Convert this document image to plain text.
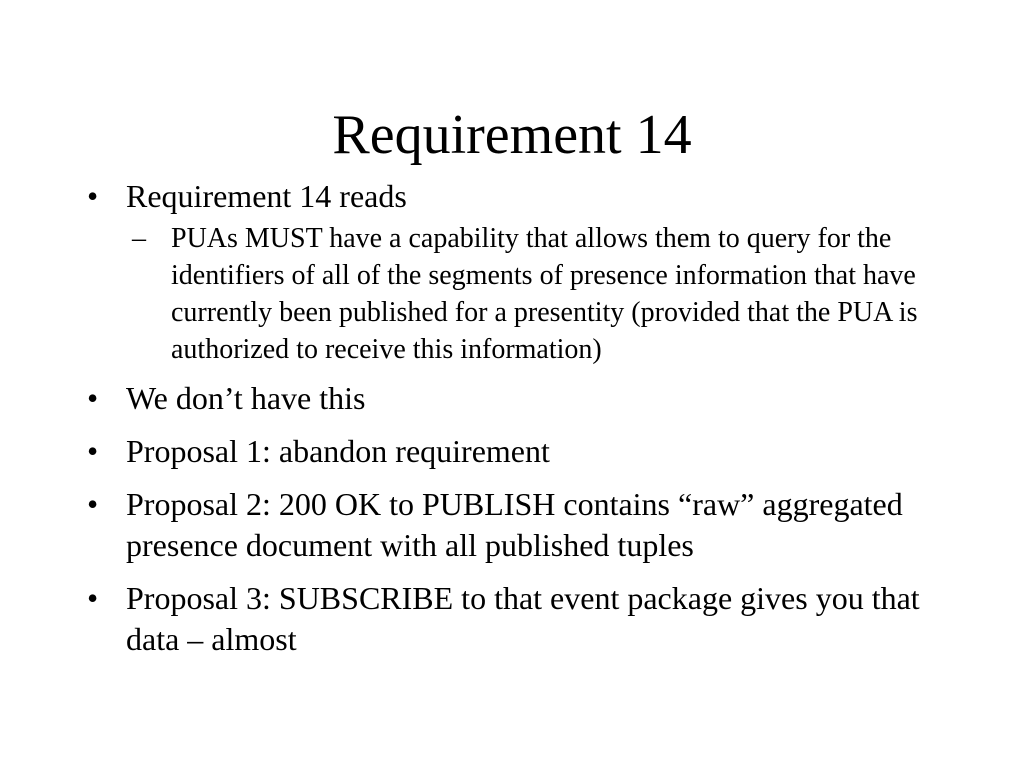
Requirement 14
• Requirement 14 reads
– PUAs MUST have a capability that allows them to query for the identifiers of all of the segments of presence information that have currently been published for a presentity (provided that the PUA is authorized to receive this information)
• We don’t have this
• Proposal 1: abandon requirement
• Proposal 2: 200 OK to PUBLISH contains “raw” aggregated presence document with all published tuples
• Proposal 3: SUBSCRIBE to that event package gives you that data – almost
